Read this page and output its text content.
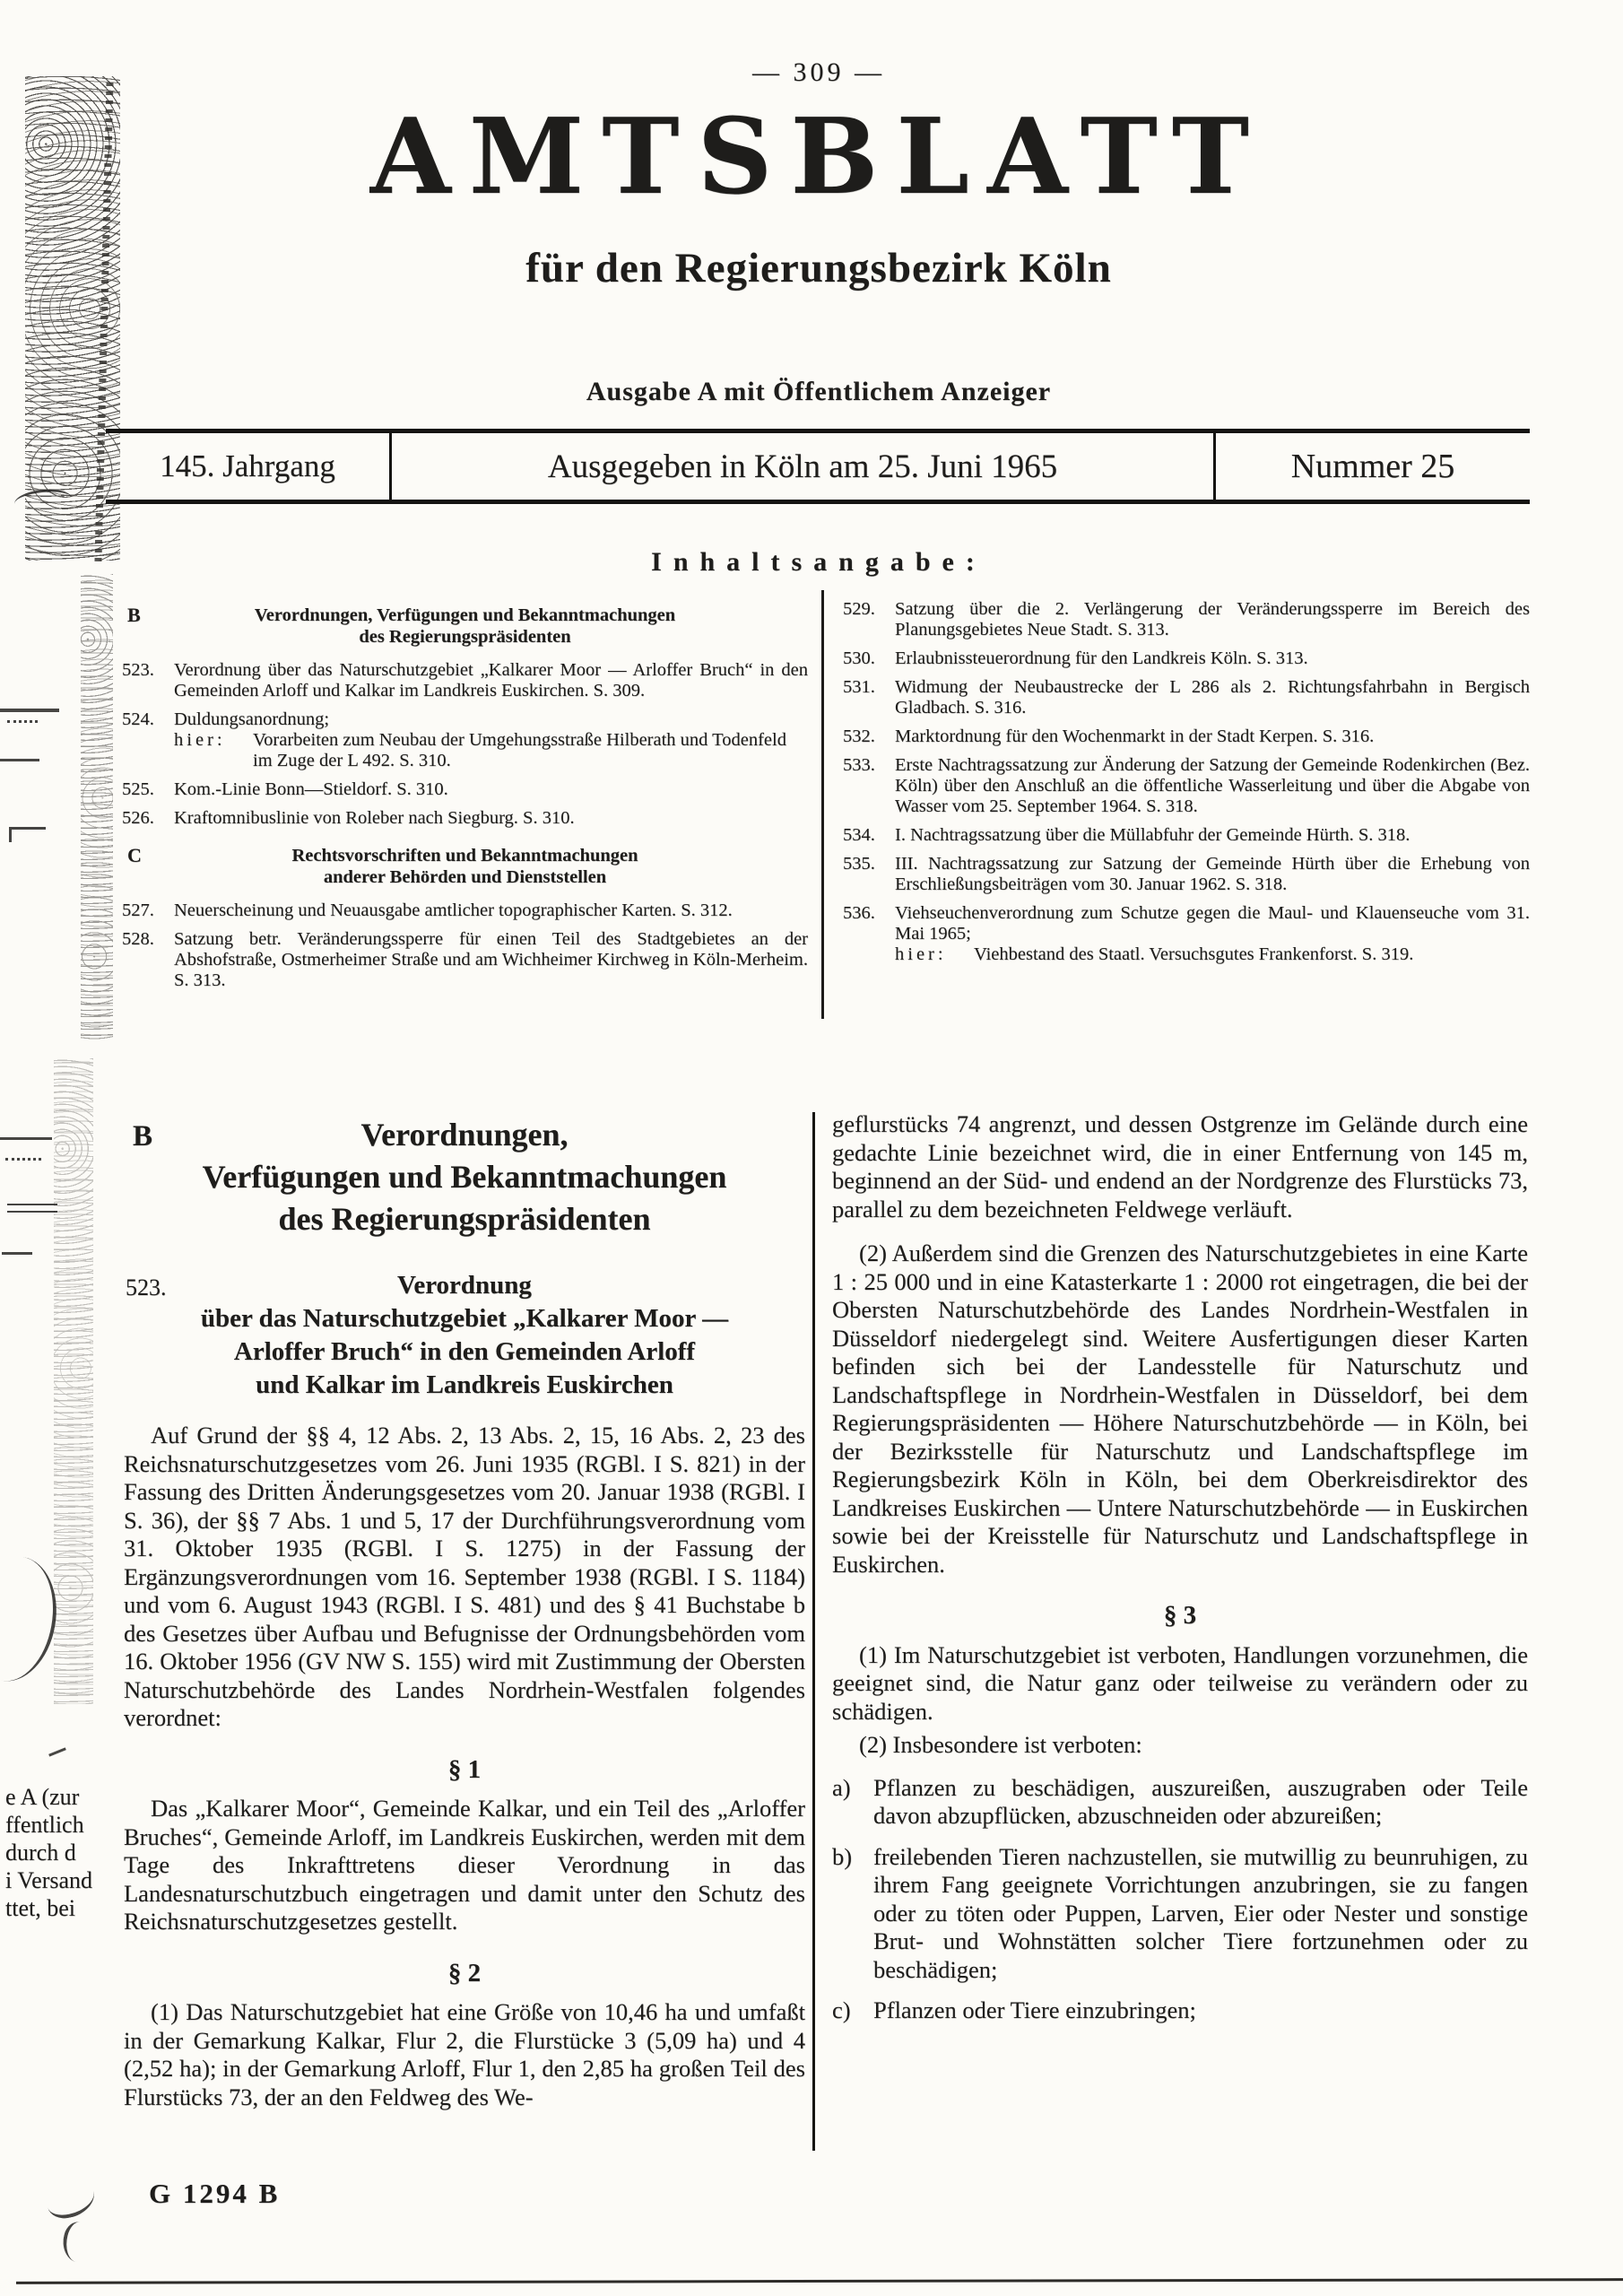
e A (zur
ffentlich
durch d
i Versand
ttet, bei
— 309 —
AMTSBLATT
für den Regierungsbezirk Köln
Ausgabe A mit Öffentlichem Anzeiger
145. Jahrgang	Ausgegeben in Köln am 25. Juni 1965	Nummer 25
Inhaltsangabe:
B	Verordnungen, Verfügungen und Bekanntmachungen
des Regierungspräsidenten
523.	Verordnung über das Naturschutzgebiet „Kalkarer Moor — Arloffer Bruch“ in den Gemeinden Arloff und Kalkar im Landkreis Euskirchen. S. 309.
524.	Duldungsanordnung;
hier:	Vorarbeiten zum Neubau der Umgehungsstraße Hilberath und Todenfeld im Zuge der L 492. S. 310.
525.	Kom.-Linie Bonn—Stieldorf. S. 310.
526.	Kraftomnibuslinie von Roleber nach Siegburg. S. 310.
C	Rechtsvorschriften und Bekanntmachungen
anderer Behörden und Dienststellen
527.	Neuerscheinung und Neuausgabe amtlicher topographischer Karten. S. 312.
528.	Satzung betr. Veränderungssperre für einen Teil des Stadtgebietes an der Abshofstraße, Ostmerheimer Straße und am Wichheimer Kirchweg in Köln-Merheim. S. 313.
529.	Satzung über die 2. Verlängerung der Veränderungssperre im Bereich des Planungsgebietes Neue Stadt. S. 313.
530.	Erlaubnissteuerordnung für den Landkreis Köln. S. 313.
531.	Widmung der Neubaustrecke der L 286 als 2. Richtungsfahrbahn in Bergisch Gladbach. S. 316.
532.	Marktordnung für den Wochenmarkt in der Stadt Kerpen. S. 316.
533.	Erste Nachtragssatzung zur Änderung der Satzung der Gemeinde Rodenkirchen (Bez. Köln) über den Anschluß an die öffentliche Wasserleitung und über die Abgabe von Wasser vom 25. September 1964. S. 318.
534.	I. Nachtragssatzung über die Müllabfuhr der Gemeinde Hürth. S. 318.
535.	III. Nachtragssatzung zur Satzung der Gemeinde Hürth über die Erhebung von Erschließungsbeiträgen vom 30. Januar 1962. S. 318.
536.	Viehseuchenverordnung zum Schutze gegen die Maul- und Klauenseuche vom 31. Mai 1965;
hier:	Viehbestand des Staatl. Versuchsgutes Frankenforst. S. 319.
B	Verordnungen,
Verfügungen und Bekanntmachungen
des Regierungspräsidenten
523.	Verordnung
über das Naturschutzgebiet „Kalkarer Moor —
Arloffer Bruch“ in den Gemeinden Arloff
und Kalkar im Landkreis Euskirchen

Auf Grund der §§ 4, 12 Abs. 2, 13 Abs. 2, 15, 16 Abs. 2, 23 des Reichsnaturschutzgesetzes vom 26. Juni 1935 (RGBl. I S. 821) in der Fassung des Dritten Änderungsgesetzes vom 20. Januar 1938 (RGBl. I S. 36), der §§ 7 Abs. 1 und 5, 17 der Durchführungsverordnung vom 31. Oktober 1935 (RGBl. I S. 1275) in der Fassung der Ergänzungsverordnungen vom 16. September 1938 (RGBl. I S. 1184) und vom 6. August 1943 (RGBl. I S. 481) und des § 41 Buchstabe b des Gesetzes über Aufbau und Befugnisse der Ordnungsbehörden vom 16. Oktober 1956 (GV NW S. 155) wird mit Zustimmung der Obersten Naturschutzbehörde des Landes Nordrhein-Westfalen folgendes verordnet:

§ 1

Das „Kalkarer Moor“, Gemeinde Kalkar, und ein Teil des „Arloffer Bruches“, Gemeinde Arloff, im Landkreis Euskirchen, werden mit dem Tage des Inkrafttretens dieser Verordnung in das Landesnaturschutzbuch eingetragen und damit unter den Schutz des Reichsnaturschutzgesetzes gestellt.

§ 2

(1) Das Naturschutzgebiet hat eine Größe von 10,46 ha und umfaßt in der Gemarkung Kalkar, Flur 2, die Flurstücke 3 (5,09 ha) und 4 (2,52 ha); in der Gemarkung Arloff, Flur 1, den 2,85 ha großen Teil des Flurstücks 73, der an den Feldweg des We-

geflurstücks 74 angrenzt, und dessen Ostgrenze im Gelände durch eine gedachte Linie bezeichnet wird, die in einer Entfernung von 145 m, beginnend an der Süd- und endend an der Nordgrenze des Flurstücks 73, parallel zu dem bezeichneten Feldwege verläuft.

(2) Außerdem sind die Grenzen des Naturschutzgebietes in eine Karte 1 : 25 000 und in eine Katasterkarte 1 : 2000 rot eingetragen, die bei der Obersten Naturschutzbehörde des Landes Nordrhein-Westfalen in Düsseldorf niedergelegt sind. Weitere Ausfertigungen dieser Karten befinden sich bei der Landesstelle für Naturschutz und Landschaftspflege in Nordrhein-Westfalen in Düsseldorf, bei dem Regierungspräsidenten — Höhere Naturschutzbehörde — in Köln, bei der Bezirksstelle für Naturschutz und Landschaftspflege im Regierungsbezirk Köln in Köln, bei dem Oberkreisdirektor des Landkreises Euskirchen — Untere Naturschutzbehörde — in Euskirchen sowie bei der Kreisstelle für Naturschutz und Landschaftspflege in Euskirchen.

§ 3

(1) Im Naturschutzgebiet ist verboten, Handlungen vorzunehmen, die geeignet sind, die Natur ganz oder teilweise zu verändern oder zu schädigen.

(2) Insbesondere ist verboten:

a) Pflanzen zu beschädigen, auszureißen, auszugraben oder Teile davon abzupflücken, abzuschneiden oder abzureißen;
b) freilebenden Tieren nachzustellen, sie mutwillig zu beunruhigen, zu ihrem Fang geeignete Vorrichtungen anzubringen, sie zu fangen oder zu töten oder Puppen, Larven, Eier oder Nester und sonstige Brut- und Wohnstätten solcher Tiere fortzunehmen oder zu beschädigen;
c) Pflanzen oder Tiere einzubringen;
G 1294 B
